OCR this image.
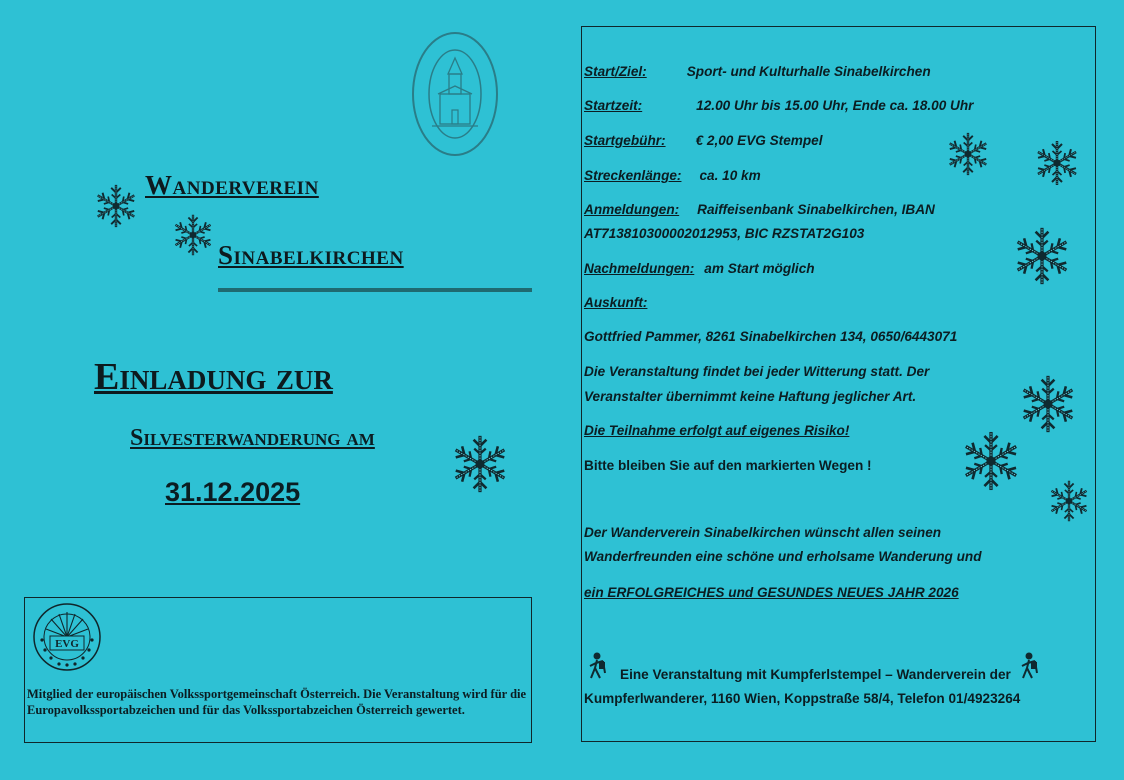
Wanderverein
Sinabelkirchen
Einladung zur
Silvesterwanderung am
31.12.2025
EVG
Mitglied der europäischen Volkssportgemeinschaft Österreich. Die Veranstaltung wird für die Europavolkssportabzeichen und für das Volkssportabzeichen Österreich gewertet.
Start/Ziel:	Sport- und Kulturhalle Sinabelkirchen
Startzeit:	12.00 Uhr bis 15.00 Uhr, Ende ca. 18.00 Uhr
Startgebühr: € 2,00 EVG Stempel
Streckenlänge: ca. 10 km
Anmeldungen: Raiffeisenbank Sinabelkirchen, IBAN
AT713810300002012953, BIC RZSTAT2G103
Nachmeldungen: am Start möglich
Auskunft:
Gottfried Pammer, 8261 Sinabelkirchen 134, 0650/6443071
Die Veranstaltung findet bei jeder Witterung statt. Der
Veranstalter übernimmt keine Haftung jeglicher Art.
Die Teilnahme erfolgt auf eigenes Risiko!
Bitte bleiben Sie auf den markierten Wegen !
Der Wanderverein Sinabelkirchen wünscht allen seinen
Wanderfreunden eine schöne und erholsame Wanderung und
ein ERFOLGREICHES und GESUNDES NEUES JAHR 2026
Eine Veranstaltung mit Kumpferlstempel – Wanderverein der
Kumpferlwanderer, 1160 Wien, Koppstraße 58/4, Telefon 01/4923264
